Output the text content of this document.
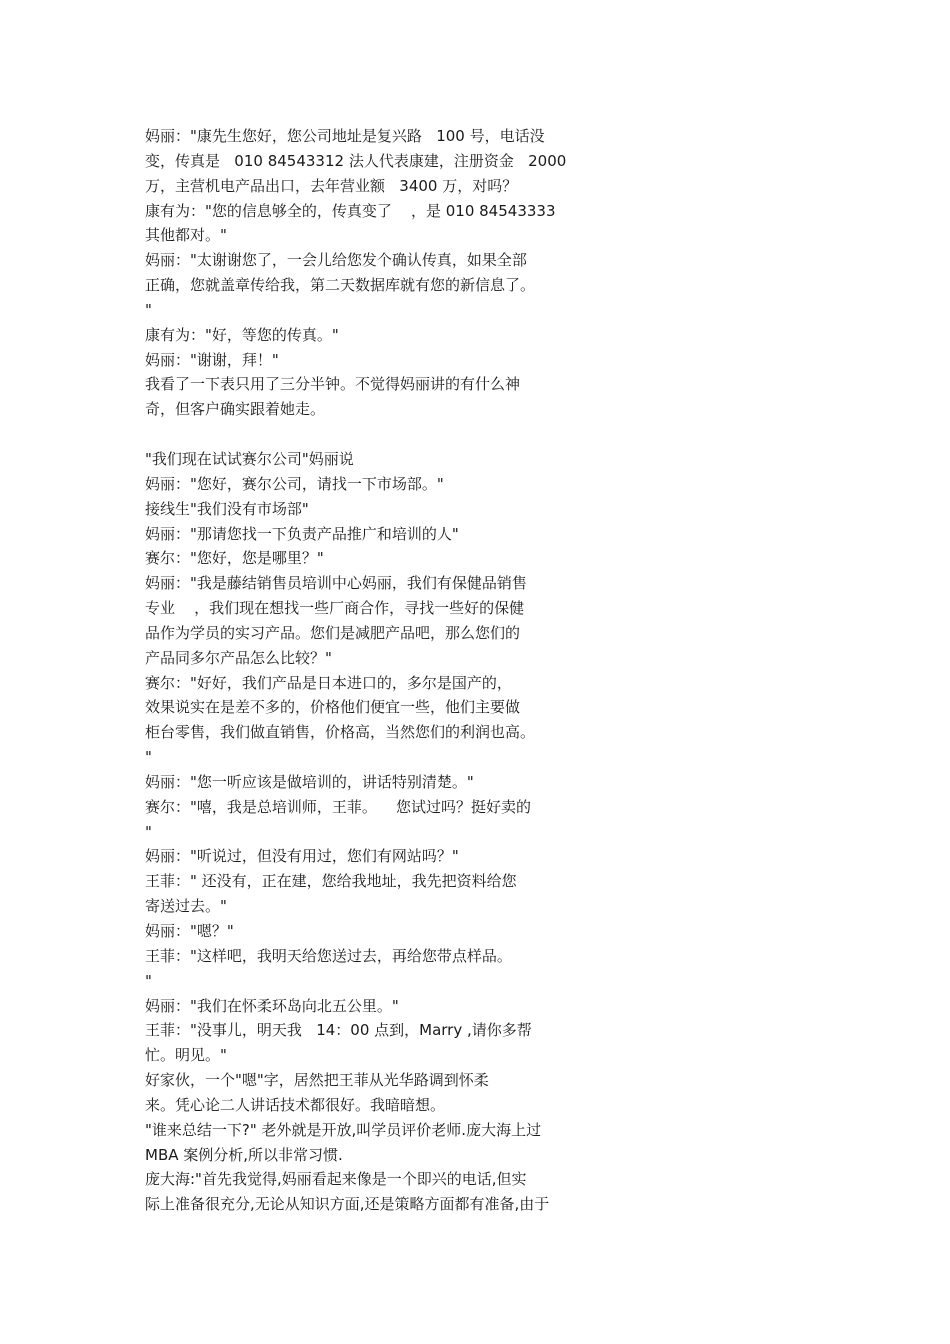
妈丽："康先生您好，您公司地址是复兴路   100 号，电话没
变，传真是   010 84543312 法人代表康建，注册资金   2000
万，主营机电产品出口，去年营业额   3400 万，对吗？
康有为："您的信息够全的，传真变了    ，是 010 84543333
其他都对。"
妈丽："太谢谢您了，一会儿给您发个确认传真，如果全部
正确，您就盖章传给我，第二天数据库就有您的新信息了。
"
康有为："好，等您的传真。"
妈丽："谢谢，拜！"
我看了一下表只用了三分半钟。不觉得妈丽讲的有什么神
奇，但客户确实跟着她走。
"我们现在试试赛尔公司"妈丽说
妈丽："您好，赛尔公司，请找一下市场部。"
接线生"我们没有市场部"
妈丽："那请您找一下负责产品推广和培训的人"
赛尔："您好，您是哪里？"
妈丽："我是藤结销售员培训中心妈丽，我们有保健品销售
专业    ，我们现在想找一些厂商合作，寻找一些好的保健
品作为学员的实习产品。您们是减肥产品吧，那么您们的
产品同多尔产品怎么比较？"
赛尔："好好，我们产品是日本进口的，多尔是国产的，
效果说实在是差不多的，价格他们便宜一些，他们主要做
柜台零售，我们做直销售，价格高，当然您们的利润也高。
"
妈丽："您一听应该是做培训的，讲话特别清楚。"
赛尔："嘻，我是总培训师，王菲。    您试过吗？挺好卖的
"
妈丽："听说过，但没有用过，您们有网站吗？"
王菲：" 还没有，正在建，您给我地址，我先把资料给您
寄送过去。"
妈丽："嗯？"
王菲："这样吧，我明天给您送过去，再给您带点样品。
"
妈丽："我们在怀柔环岛向北五公里。"
王菲："没事儿，明天我   14：00 点到，Marry ,请你多帮
忙。明见。"
好家伙，一个"嗯"字，居然把王菲从光华路调到怀柔
来。凭心论二人讲话技术都很好。我暗暗想。
"谁来总结一下?" 老外就是开放,叫学员评价老师.庞大海上过
MBA 案例分析,所以非常习惯.
庞大海:"首先我觉得,妈丽看起来像是一个即兴的电话,但实
际上准备很充分,无论从知识方面,还是策略方面都有准备,由于
